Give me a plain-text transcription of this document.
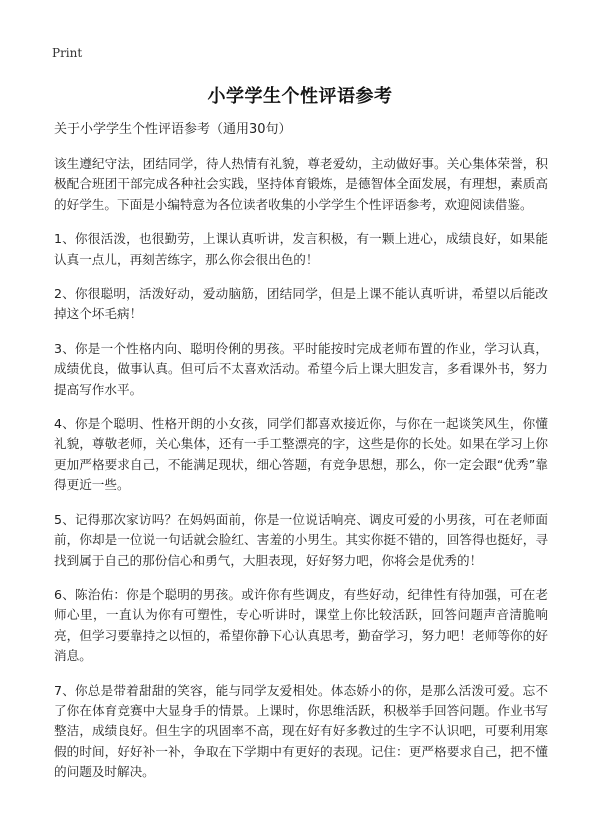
Print
小学学生个性评语参考

关于小学学生个性评语参考（通用30句）

该生遵纪守法，团结同学，待人热情有礼貌，尊老爱幼，主动做好事。关心集体荣誉，积极配合班团干部完成各种社会实践，坚持体育锻炼，是德智体全面发展，有理想，素质高的好学生。下面是小编特意为各位读者收集的小学学生个性评语参考，欢迎阅读借鉴。

1、你很活泼，也很勤劳，上课认真听讲，发言积极，有一颗上进心，成绩良好，如果能认真一点儿，再刻苦练字，那么你会很出色的！

2、你很聪明，活泼好动，爱动脑筋，团结同学，但是上课不能认真听讲，希望以后能改掉这个坏毛病！

3、你是一个性格内向、聪明伶俐的男孩。平时能按时完成老师布置的作业，学习认真，成绩优良，做事认真。但可后不太喜欢活动。希望今后上课大胆发言，多看课外书，努力提高写作水平。

4、你是个聪明、性格开朗的小女孩，同学们都喜欢接近你，与你在一起谈笑风生，你懂礼貌，尊敬老师，关心集体，还有一手工整漂亮的字，这些是你的长处。如果在学习上你更加严格要求自己，不能满足现状，细心答题，有竞争思想，那么，你一定会跟“优秀”靠得更近一些。

5、记得那次家访吗？在妈妈面前，你是一位说话响亮、调皮可爱的小男孩，可在老师面前，你却是一位说一句话就会脸红、害羞的小男生。其实你挺不错的，回答得也挺好，寻找到属于自己的那份信心和勇气，大胆表现，好好努力吧，你将会是优秀的！

6、陈治佑：你是个聪明的男孩。或许你有些调皮，有些好动，纪律性有待加强，可在老师心里，一直认为你有可塑性，专心听讲时，课堂上你比较活跃，回答问题声音清脆响亮，但学习要靠持之以恒的，希望你静下心认真思考，勤奋学习，努力吧！老师等你的好消息。

7、你总是带着甜甜的笑容，能与同学友爱相处。体态娇小的你，是那么活泼可爱。忘不了你在体育竞赛中大显身手的情景。上课时，你思维活跃，积极举手回答问题。作业书写整洁，成绩良好。但生字的巩固率不高，现在好有好多教过的生字不认识吧，可要利用寒假的时间，好好补一补，争取在下学期中有更好的表现。记住：更严格要求自己，把不懂的问题及时解决。
